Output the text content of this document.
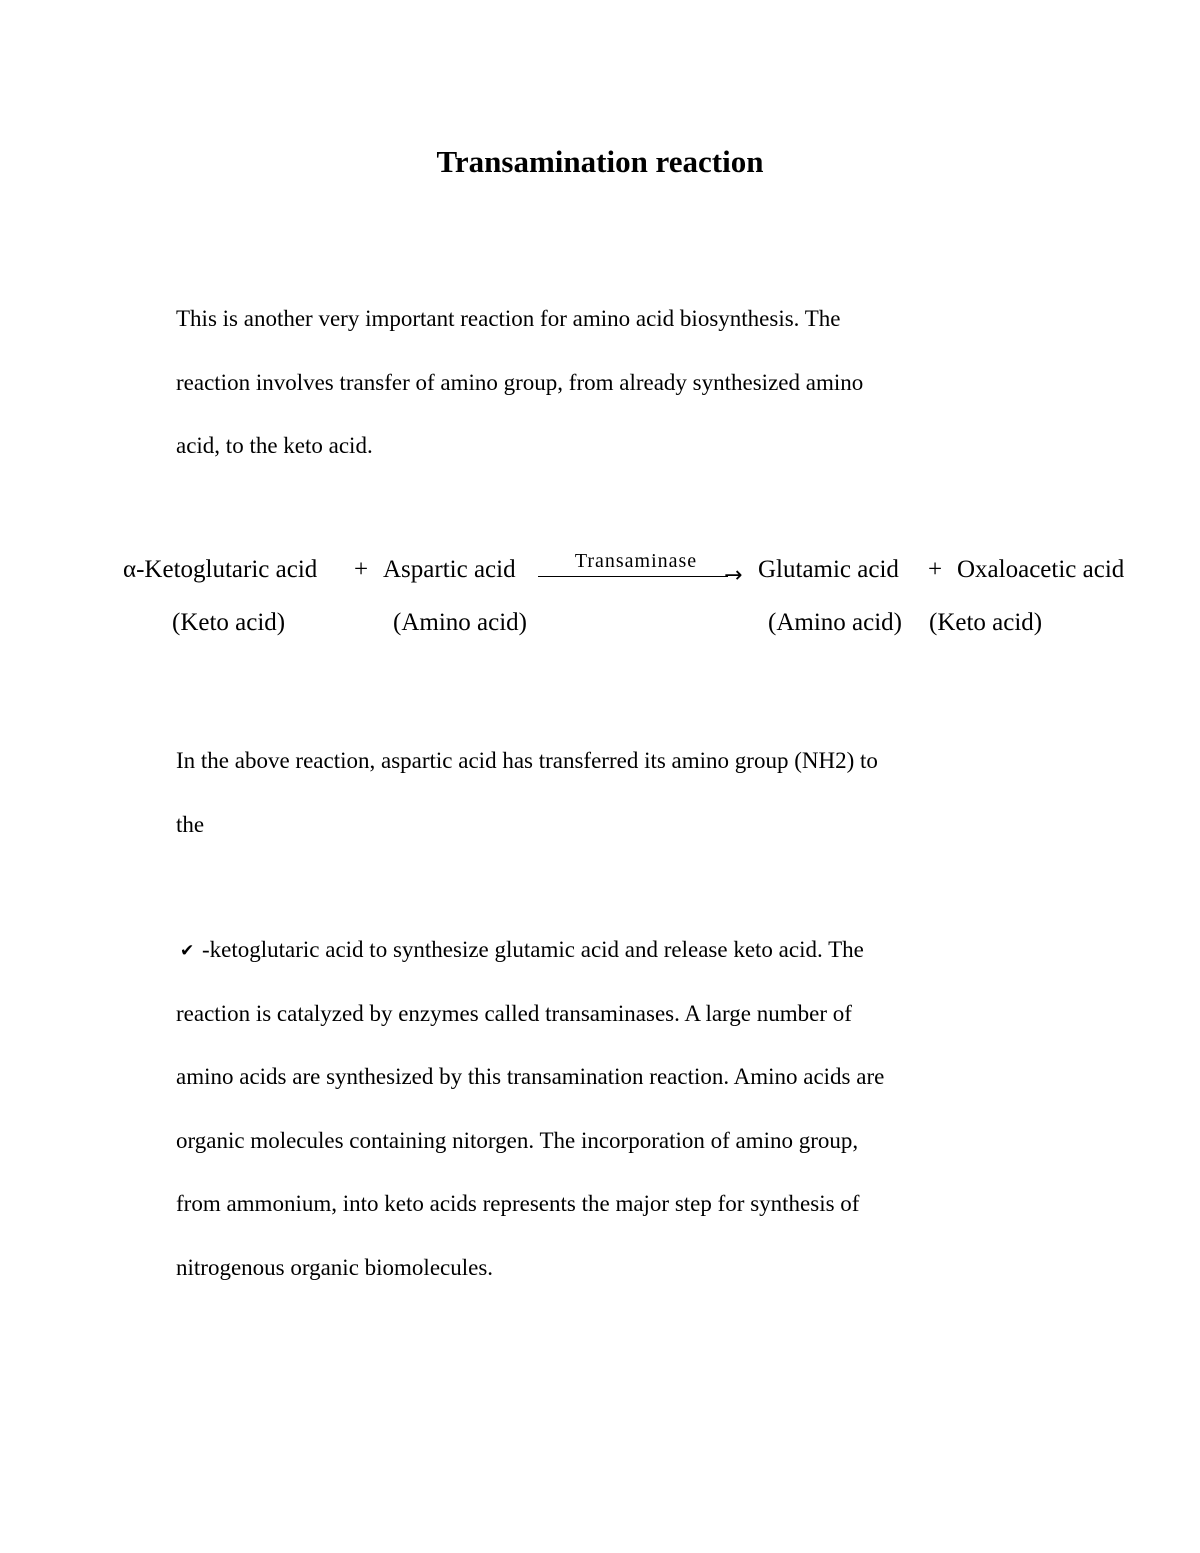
Transamination reaction
This is another very important reaction for amino acid biosynthesis. The
reaction involves transfer of amino group, from already synthesized amino
acid, to the keto acid.
α-Ketoglutaric acid + Aspartic acid	Transaminase
→ Glutamic acid + Oxaloacetic acid
(Keto acid)	(Amino acid)	(Amino acid) (Keto acid)
In the above reaction, aspartic acid has transferred its amino group (NH2) to
the
✔ -ketoglutaric acid to synthesize glutamic acid and release keto acid. The
reaction is catalyzed by enzymes called transaminases. A large number of
amino acids are synthesized by this transamination reaction. Amino acids are
organic molecules containing nitorgen. The incorporation of amino group,
from ammonium, into keto acids represents the major step for synthesis of
nitrogenous organic biomolecules.
